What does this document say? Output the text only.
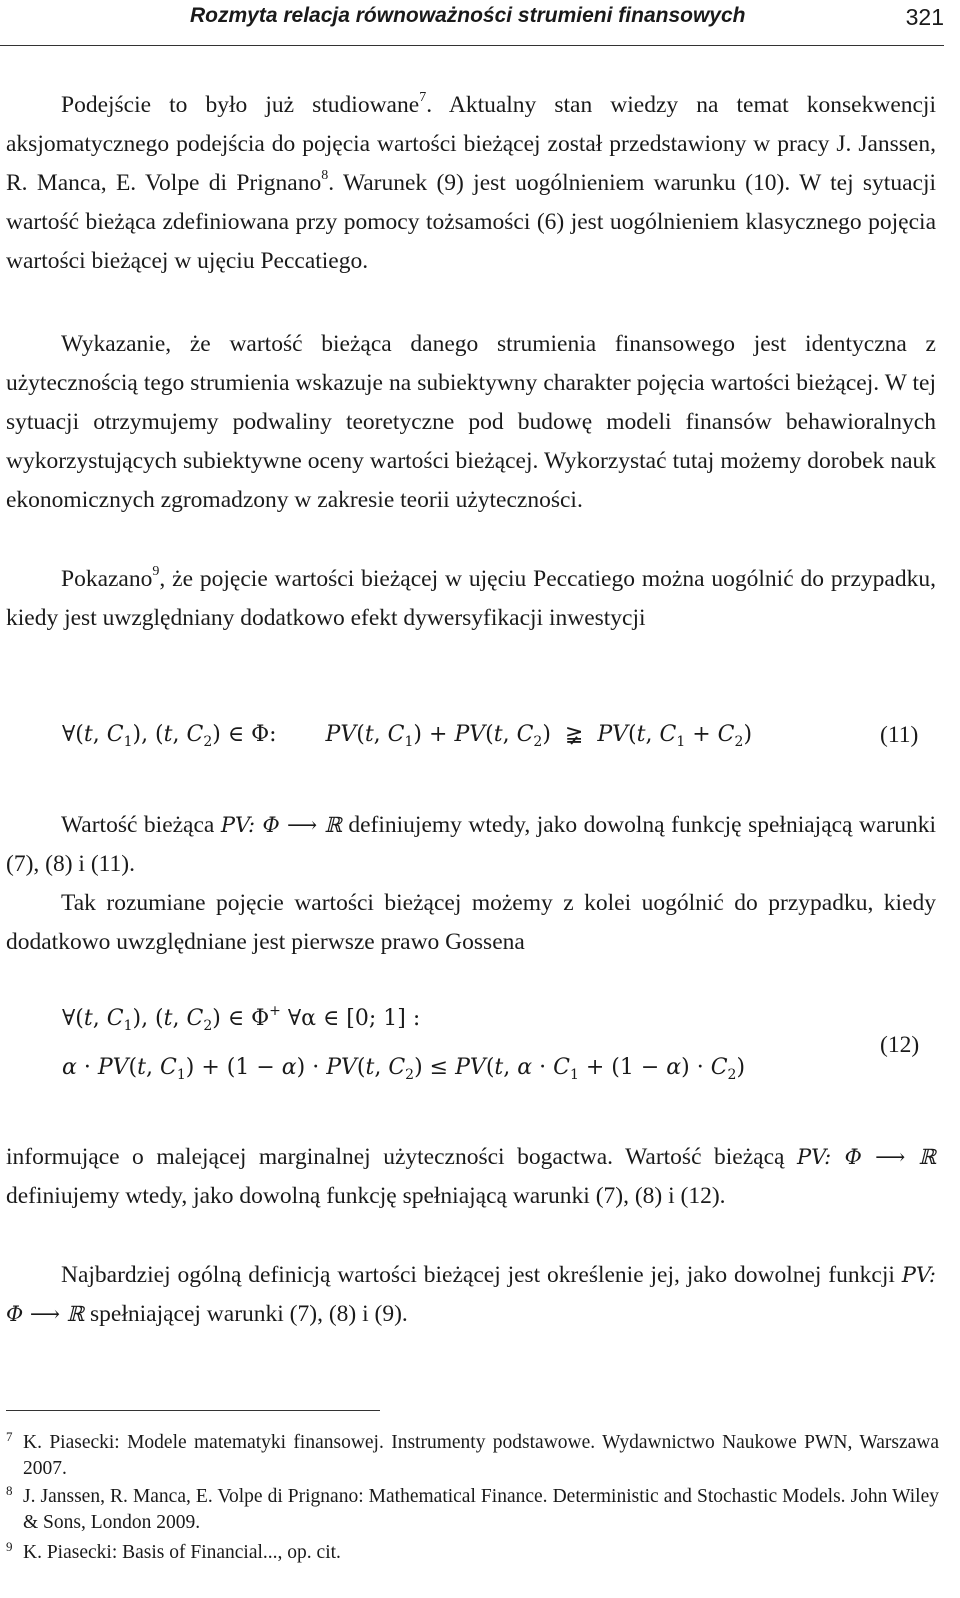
Rozmyta relacja równoważności strumieni finansowych	321

Podejście to było już studiowane$^7$. Aktualny stan wiedzy na temat konsekwencji aksjomatycznego podejścia do pojęcia wartości bieżącej został przedstawiony w pracy J. Janssen, R. Manca, E. Volpe di Prignano$^8$. Warunek (9) jest uogólnieniem warunku (10). W tej sytuacji wartość bieżąca zdefiniowana przy pomocy tożsamości (6) jest uogólnieniem klasycznego pojęcia wartości bieżącej w ujęciu Peccatiego.

Wykazanie, że wartość bieżąca danego strumienia finansowego jest identyczna z użytecznością tego strumienia wskazuje na subiektywny charakter pojęcia wartości bieżącej. W tej sytuacji otrzymujemy podwaliny teoretyczne pod budowę modeli finansów behawioralnych wykorzystujących subiektywne oceny wartości bieżącej. Wykorzystać tutaj możemy dorobek nauk ekonomicznych zgromadzony w zakresie teorii użyteczności.

Pokazano$^9$, że pojęcie wartości bieżącej w ujęciu Peccatiego można uogólnić do przypadku, kiedy jest uwzględniany dodatkowo efekt dywersyfikacji inwestycji

∀(t, $C_1$), (t, $C_2$) ∈ Φ:       PV(t, $C_1) + PV(t$, $C_2$)  ≩  PV(t, $C_1 + C_2$)	(11)

Wartość bieżąca PV: Φ ⟶ ℝ definiujemy wtedy, jako dowolną funkcję spełniającą warunki (7), (8) i (11).

Tak rozumiane pojęcie wartości bieżącej możemy z kolei uogólnić do przypadku, kiedy dodatkowo uwzględniane jest pierwsze prawo Gossena

∀(t, $C_1$), (t, $C_2$) ∈ Φ+ ∀α ∈ [0; 1] :
α · PV(t, $C_1) + (1 - \alpha) \cdot PV(t$, $C_2) \le PV(t$, $\alpha \cdot C_1 + (1 - \alpha) \cdot C_2$)
(12)

informujące o malejącej marginalnej użyteczności bogactwa. Wartość bieżącą PV: Φ ⟶ ℝ definiujemy wtedy, jako dowolną funkcję spełniającą warunki (7), (8) i (12).

Najbardziej ogólną definicją wartości bieżącej jest określenie jej, jako dowolnej funkcji PV: Φ ⟶ ℝ spełniającej warunki (7), (8) i (9).

7 K. Piasecki: Modele matematyki finansowej. Instrumenty podstawowe. Wydawnictwo Naukowe PWN, Warszawa 2007.
8 J. Janssen, R. Manca, E. Volpe di Prignano: Mathematical Finance. Deterministic and Stochastic Models. John Wiley & Sons, London 2009.
9 K. Piasecki: Basis of Financial..., op. cit.
